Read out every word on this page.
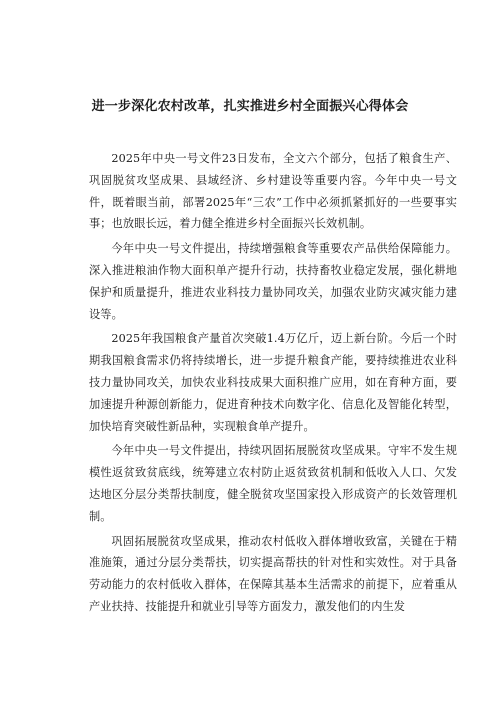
进一步深化农村改革，扎实推进乡村全面振兴心得体会

2025年中央一号文件23日发布，全文六个部分，包括了粮食生产、巩固脱贫攻坚成果、县域经济、乡村建设等重要内容。今年中央一号文件，既着眼当前，部署2025年“三农”工作中必须抓紧抓好的一些要事实事；也放眼长远，着力健全推进乡村全面振兴长效机制。

今年中央一号文件提出，持续增强粮食等重要农产品供给保障能力。深入推进粮油作物大面积单产提升行动，扶持畜牧业稳定发展，强化耕地保护和质量提升，推进农业科技力量协同攻关，加强农业防灾减灾能力建设等。

2025年我国粮食产量首次突破1.4万亿斤，迈上新台阶。今后一个时期我国粮食需求仍将持续增长，进一步提升粮食产能，要持续推进农业科技力量协同攻关，加快农业科技成果大面积推广应用，如在育种方面，要加速提升种源创新能力，促进育种技术向数字化、信息化及智能化转型，加快培育突破性新品种，实现粮食单产提升。

今年中央一号文件提出，持续巩固拓展脱贫攻坚成果。守牢不发生规模性返贫致贫底线，统筹建立农村防止返贫致贫机制和低收入人口、欠发达地区分层分类帮扶制度，健全脱贫攻坚国家投入形成资产的长效管理机制。

巩固拓展脱贫攻坚成果，推动农村低收入群体增收致富，关键在于精准施策，通过分层分类帮扶，切实提高帮扶的针对性和实效性。对于具备劳动能力的农村低收入群体，在保障其基本生活需求的前提下，应着重从产业扶持、技能提升和就业引导等方面发力，激发他们的内生发
